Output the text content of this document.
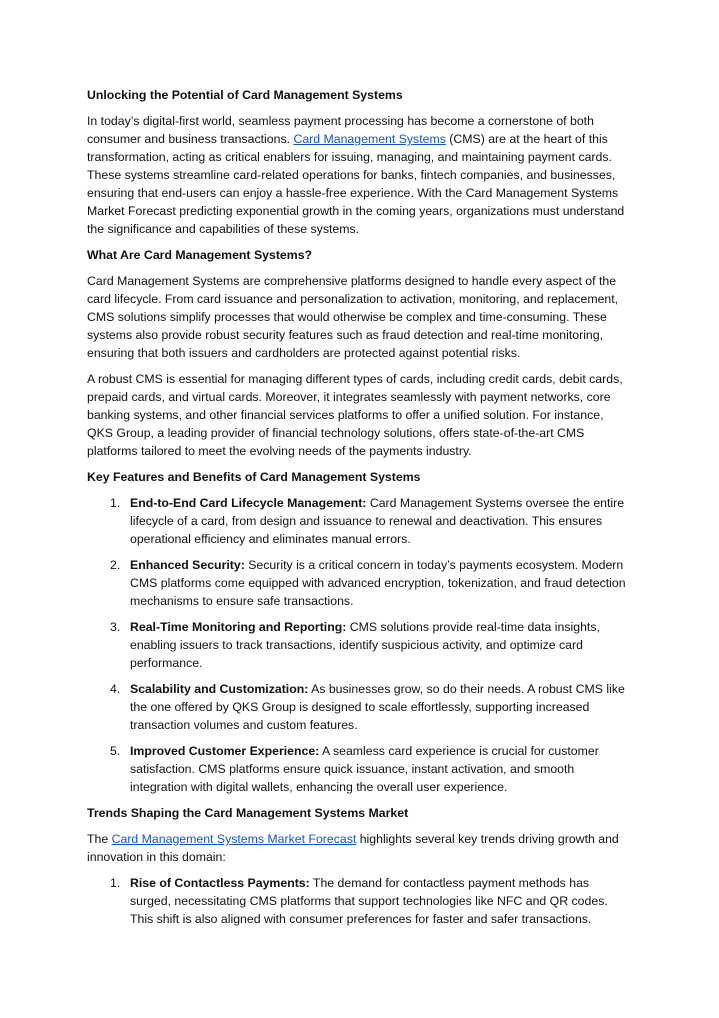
Unlocking the Potential of Card Management Systems

In today’s digital-first world, seamless payment processing has become a cornerstone of both consumer and business transactions. Card Management Systems (CMS) are at the heart of this transformation, acting as critical enablers for issuing, managing, and maintaining payment cards. These systems streamline card-related operations for banks, fintech companies, and businesses, ensuring that end-users can enjoy a hassle-free experience. With the Card Management Systems Market Forecast predicting exponential growth in the coming years, organizations must understand the significance and capabilities of these systems.

What Are Card Management Systems?

Card Management Systems are comprehensive platforms designed to handle every aspect of the card lifecycle. From card issuance and personalization to activation, monitoring, and replacement, CMS solutions simplify processes that would otherwise be complex and time-consuming. These systems also provide robust security features such as fraud detection and real-time monitoring, ensuring that both issuers and cardholders are protected against potential risks.

A robust CMS is essential for managing different types of cards, including credit cards, debit cards, prepaid cards, and virtual cards. Moreover, it integrates seamlessly with payment networks, core banking systems, and other financial services platforms to offer a unified solution. For instance, QKS Group, a leading provider of financial technology solutions, offers state-of-the-art CMS platforms tailored to meet the evolving needs of the payments industry.

Key Features and Benefits of Card Management Systems
1. End-to-End Card Lifecycle Management: Card Management Systems oversee the entire lifecycle of a card, from design and issuance to renewal and deactivation. This ensures operational efficiency and eliminates manual errors.
2. Enhanced Security: Security is a critical concern in today’s payments ecosystem. Modern CMS platforms come equipped with advanced encryption, tokenization, and fraud detection mechanisms to ensure safe transactions.
3. Real-Time Monitoring and Reporting: CMS solutions provide real-time data insights, enabling issuers to track transactions, identify suspicious activity, and optimize card performance.
4. Scalability and Customization: As businesses grow, so do their needs. A robust CMS like the one offered by QKS Group is designed to scale effortlessly, supporting increased transaction volumes and custom features.
5. Improved Customer Experience: A seamless card experience is crucial for customer satisfaction. CMS platforms ensure quick issuance, instant activation, and smooth integration with digital wallets, enhancing the overall user experience.
Trends Shaping the Card Management Systems Market

The Card Management Systems Market Forecast highlights several key trends driving growth and innovation in this domain:

1. Rise of Contactless Payments: The demand for contactless payment methods has surged, necessitating CMS platforms that support technologies like NFC and QR codes. This shift is also aligned with consumer preferences for faster and safer transactions.
